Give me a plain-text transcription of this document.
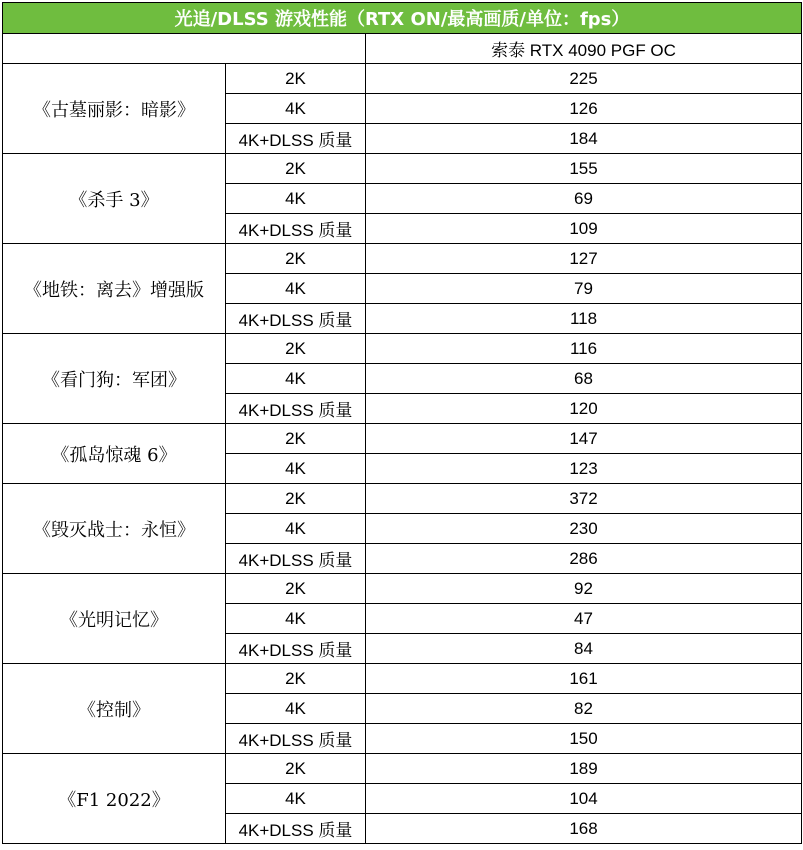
光追/DLSS 游戏性能（RTX ON/最高画质/单位：fps）		
		索泰 RTX 4090 PGF OC
《古墓丽影：暗影》	2K	225
	4K	126
	4K+DLSS 质量	184
《杀手 3》	2K	155
	4K	69
	4K+DLSS 质量	109
《地铁：离去》增强版	2K	127
	4K	79
	4K+DLSS 质量	118
《看门狗：军团》	2K	116
	4K	68
	4K+DLSS 质量	120
《孤岛惊魂 6》	2K	147
	4K	123
《毁灭战士：永恒》	2K	372
	4K	230
	4K+DLSS 质量	286
《光明记忆》	2K	92
	4K	47
	4K+DLSS 质量	84
《控制》	2K	161
	4K	82
	4K+DLSS 质量	150
《F1 2022》	2K	189
	4K	104
	4K+DLSS 质量	168
